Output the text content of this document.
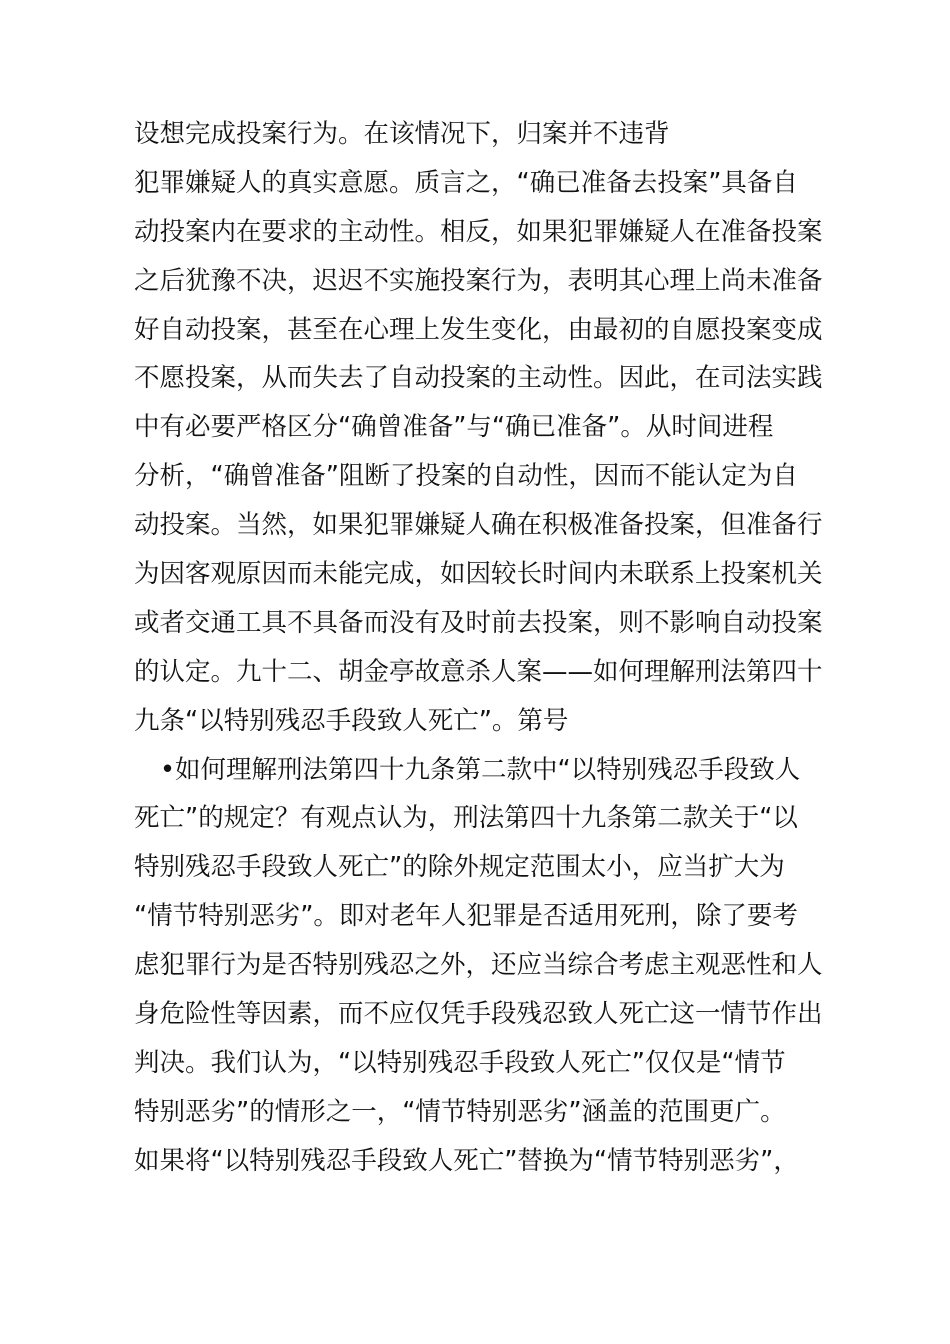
设想完成投案行为。在该情况下，归案并不违背
犯罪嫌疑人的真实意愿。质言之，“确已准备去投案”具备自
动投案内在要求的主动性。相反，如果犯罪嫌疑人在准备投案
之后犹豫不决，迟迟不实施投案行为，表明其心理上尚未准备
好自动投案，甚至在心理上发生变化，由最初的自愿投案变成
不愿投案，从而失去了自动投案的主动性。因此，在司法实践
中有必要严格区分“确曾准备”与“确已准备”。从时间进程
分析，“确曾准备”阻断了投案的自动性，因而不能认定为自
动投案。当然，如果犯罪嫌疑人确在积极准备投案，但准备行
为因客观原因而未能完成，如因较长时间内未联系上投案机关
或者交通工具不具备而没有及时前去投案，则不影响自动投案
的认定。九十二、胡金亭故意杀人案——如何理解刑法第四十
九条“以特别残忍手段致人死亡”。第号
•如何理解刑法第四十九条第二款中“以特别残忍手段致人
死亡”的规定？有观点认为，刑法第四十九条第二款关于“以
特别残忍手段致人死亡”的除外规定范围太小，应当扩大为
“情节特别恶劣”。即对老年人犯罪是否适用死刑，除了要考
虑犯罪行为是否特别残忍之外，还应当综合考虑主观恶性和人
身危险性等因素，而不应仅凭手段残忍致人死亡这一情节作出
判决。我们认为，“以特别残忍手段致人死亡”仅仅是“情节
特别恶劣”的情形之一，“情节特别恶劣”涵盖的范围更广。
如果将“以特别残忍手段致人死亡”替换为“情节特别恶劣”，
